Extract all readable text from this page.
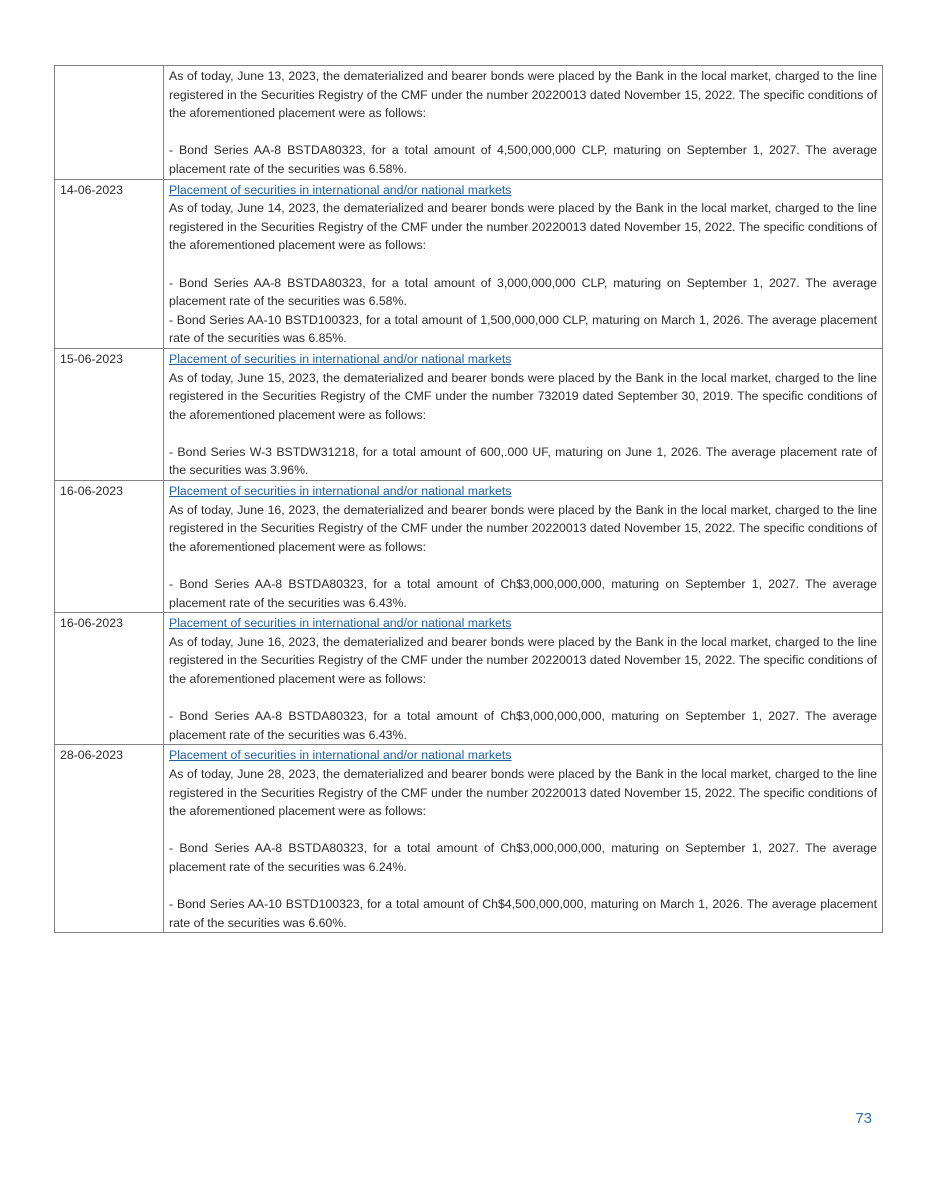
	As of today, June 13, 2023, the dematerialized and bearer bonds were placed by the Bank in the local market, charged to the line registered in the Securities Registry of the CMF under the number 20220013 dated November 15, 2022. The specific conditions of the aforementioned placement were as follows:

- Bond Series AA-8 BSTDA80323, for a total amount of 4,500,000,000 CLP, maturing on September 1, 2027. The average placement rate of the securities was 6.58%.

14-06-2023	Placement of securities in international and/or national markets

As of today, June 14, 2023, the dematerialized and bearer bonds were placed by the Bank in the local market, charged to the line registered in the Securities Registry of the CMF under the number 20220013 dated November 15, 2022. The specific conditions of the aforementioned placement were as follows:

- Bond Series AA-8 BSTDA80323, for a total amount of 3,000,000,000 CLP, maturing on September 1, 2027. The average placement rate of the securities was 6.58%.

- Bond Series AA-10 BSTD100323, for a total amount of 1,500,000,000 CLP, maturing on March 1, 2026. The average placement rate of the securities was 6.85%.

15-06-2023	Placement of securities in international and/or national markets

As of today, June 15, 2023, the dematerialized and bearer bonds were placed by the Bank in the local market, charged to the line registered in the Securities Registry of the CMF under the number 732019 dated September 30, 2019. The specific conditions of the aforementioned placement were as follows:

- Bond Series W-3 BSTDW31218, for a total amount of 600,.000 UF, maturing on June 1, 2026. The average placement rate of the securities was 3.96%.

16-06-2023	Placement of securities in international and/or national markets

As of today, June 16, 2023, the dematerialized and bearer bonds were placed by the Bank in the local market, charged to the line registered in the Securities Registry of the CMF under the number 20220013 dated November 15, 2022. The specific conditions of the aforementioned placement were as follows:

- Bond Series AA-8 BSTDA80323, for a total amount of Ch$3,000,000,000, maturing on September 1, 2027. The average placement rate of the securities was 6.43%.

16-06-2023	Placement of securities in international and/or national markets

As of today, June 16, 2023, the dematerialized and bearer bonds were placed by the Bank in the local market, charged to the line registered in the Securities Registry of the CMF under the number 20220013 dated November 15, 2022. The specific conditions of the aforementioned placement were as follows:

- Bond Series AA-8 BSTDA80323, for a total amount of Ch$3,000,000,000, maturing on September 1, 2027. The average placement rate of the securities was 6.43%.

28-06-2023	Placement of securities in international and/or national markets

As of today, June 28, 2023, the dematerialized and bearer bonds were placed by the Bank in the local market, charged to the line registered in the Securities Registry of the CMF under the number 20220013 dated November 15, 2022. The specific conditions of the aforementioned placement were as follows:

- Bond Series AA-8 BSTDA80323, for a total amount of Ch$3,000,000,000, maturing on September 1, 2027. The average placement rate of the securities was 6.24%.

- Bond Series AA-10 BSTD100323, for a total amount of Ch$4,500,000,000, maturing on March 1, 2026. The average placement rate of the securities was 6.60%.

73
